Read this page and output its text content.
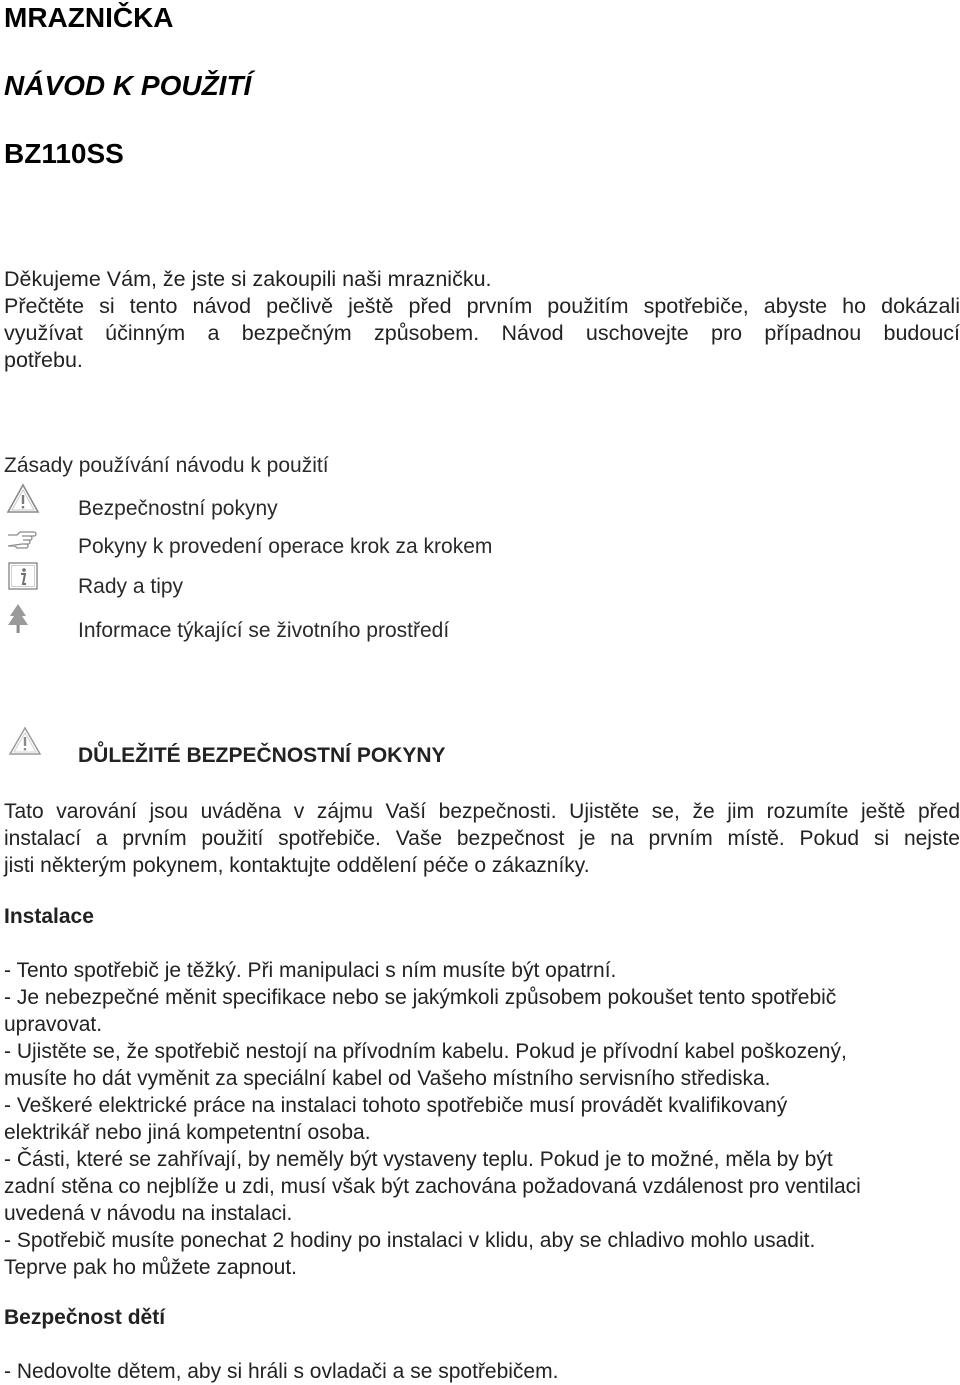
MRAZNIČKA
NÁVOD K POUŽITÍ
BZ110SS
Děkujeme Vám, že jste si zakoupili naši mrazničku.
Přečtěte si tento návod pečlivě ještě před prvním použitím spotřebiče, abyste ho dokázali
využívat účinným a bezpečným způsobem. Návod uschovejte pro případnou budoucí
potřebu.
Zásady používání návodu k použití
Bezpečnostní pokyny
Pokyny k provedení operace krok za krokem
Rady a tipy
Informace týkající se životního prostředí
DŮLEŽITÉ BEZPEČNOSTNÍ POKYNY
Tato varování jsou uváděna v zájmu Vaší bezpečnosti. Ujistěte se, že jim rozumíte ještě před
instalací a prvním použití spotřebiče. Vaše bezpečnost je na prvním místě. Pokud si nejste
jisti některým pokynem, kontaktujte oddělení péče o zákazníky.
Instalace
- Tento spotřebič je těžký. Při manipulaci s ním musíte být opatrní.
- Je nebezpečné měnit specifikace nebo se jakýmkoli způsobem pokoušet tento spotřebič
upravovat.
- Ujistěte se, že spotřebič nestojí na přívodním kabelu. Pokud je přívodní kabel poškozený,
musíte ho dát vyměnit za speciální kabel od Vašeho místního servisního střediska.
- Veškeré elektrické práce na instalaci tohoto spotřebiče musí provádět kvalifikovaný
elektrikář nebo jiná kompetentní osoba.
- Části, které se zahřívají, by neměly být vystaveny teplu. Pokud je to možné, měla by být
zadní stěna co nejblíže u zdi, musí však být zachována požadovaná vzdálenost pro ventilaci
uvedená v návodu na instalaci.
- Spotřebič musíte ponechat 2 hodiny po instalaci v klidu, aby se chladivo mohlo usadit.
Teprve pak ho můžete zapnout.
Bezpečnost dětí
- Nedovolte dětem, aby si hráli s ovladači a se spotřebičem.
